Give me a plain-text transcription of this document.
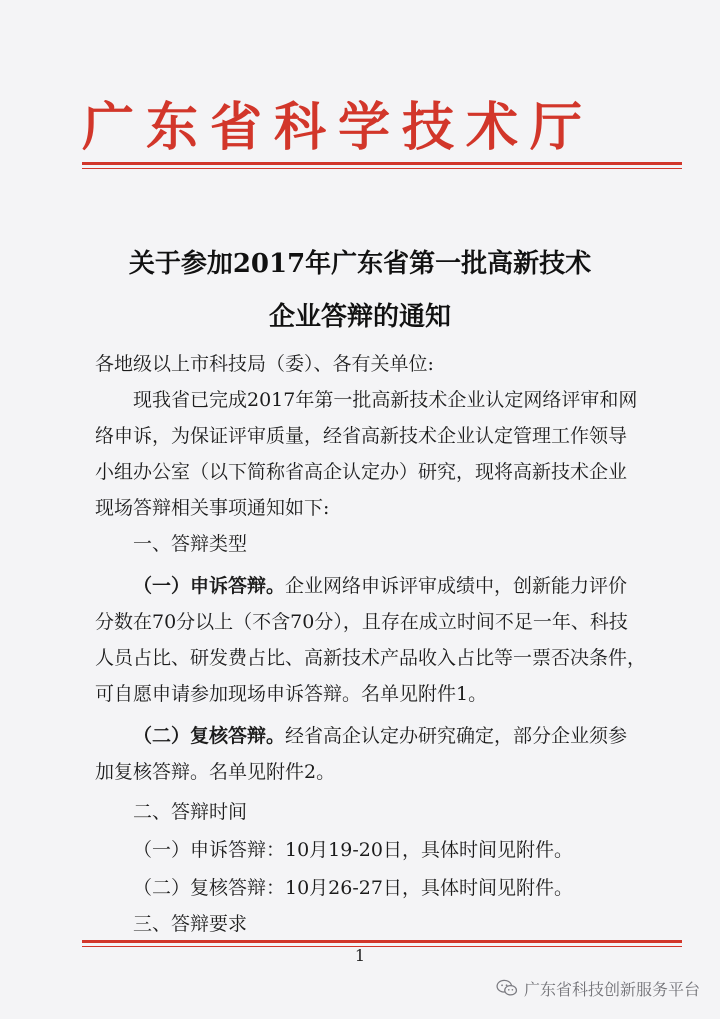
广东省科学技术厅
关于参加2017年广东省第一批高新技术
企业答辩的通知
各地级以上市科技局（委）、各有关单位:
现我省已完成2017年第一批高新技术企业认定网络评审和网
络申诉，为保证评审质量，经省高新技术企业认定管理工作领导
小组办公室（以下简称省高企认定办）研究，现将高新技术企业
现场答辩相关事项通知如下:
一、答辩类型
（一）申诉答辩。企业网络申诉评审成绩中，创新能力评价
分数在70分以上（不含70分），且存在成立时间不足一年、科技
人员占比、研发费占比、高新技术产品收入占比等一票否决条件，
可自愿申请参加现场申诉答辩。名单见附件1。
（二）复核答辩。经省高企认定办研究确定，部分企业须参
加复核答辩。名单见附件2。
二、答辩时间
（一）申诉答辩：10月19-20日，具体时间见附件。
（二）复核答辩：10月26-27日，具体时间见附件。
三、答辩要求
1
广东省科技创新服务平台
